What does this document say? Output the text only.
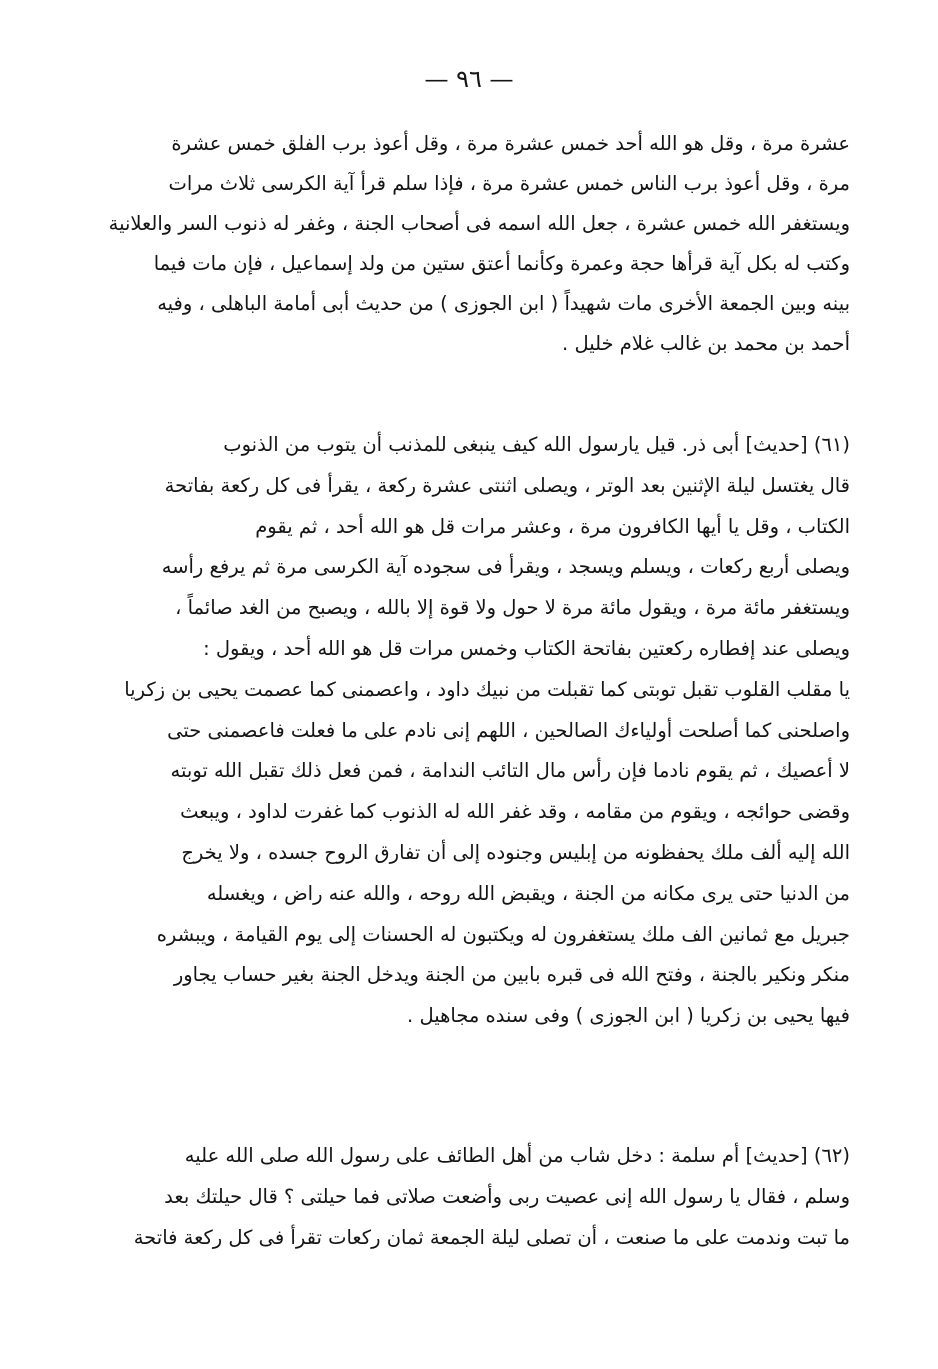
— ٩٦ —
عشرة مرة ، وقل هو الله أحد خمس عشرة مرة ، وقل أعوذ برب الفلق خمس عشرة
مرة ، وقل أعوذ برب الناس خمس عشرة مرة ، فإذا سلم قرأ آية الكرسى ثلاث مرات
ويستغفر الله خمس عشرة ، جعل الله اسمه فى أصحاب الجنة ، وغفر له ذنوب السر والعلانية
وكتب له بكل آية قرأها حجة وعمرة وكأنما أعتق ستين من ولد إسماعيل ، فإن مات فيما
بينه وبين الجمعة الأخرى مات شهيداً ( ابن الجوزى ) من حديث أبى أمامة الباهلى ، وفيه
أحمد بن محمد بن غالب غلام خليل .
(٦١) [حديث] أبى ذر. قيل يارسول الله كيف ينبغى للمذنب أن يتوب من الذنوب
قال يغتسل ليلة الإثنين بعد الوتر ، ويصلى اثنتى عشرة ركعة ، يقرأ فى كل ركعة بفاتحة
الكتاب ، وقل يا أيها الكافرون مرة ، وعشر مرات قل هو الله أحد ، ثم يقوم
ويصلى أربع ركعات ، ويسلم ويسجد ، ويقرأ فى سجوده آية الكرسى مرة ثم يرفع رأسه
ويستغفر مائة مرة ، ويقول مائة مرة لا حول ولا قوة إلا بالله ، ويصبح من الغد صائماً ،
ويصلى عند إفطاره ركعتين بفاتحة الكتاب وخمس مرات قل هو الله أحد ، ويقول :
يا مقلب القلوب تقبل توبتى كما تقبلت من نبيك داود ، واعصمنى كما عصمت يحيى بن زكريا
واصلحنى كما أصلحت أولياءك الصالحين ، اللهم إنى نادم على ما فعلت فاعصمنى حتى
لا أعصيك ، ثم يقوم نادما فإن رأس مال التائب الندامة ، فمن فعل ذلك تقبل الله توبته
وقضى حوائجه ، ويقوم من مقامه ، وقد غفر الله له الذنوب كما غفرت لداود ، ويبعث
الله إليه ألف ملك يحفظونه من إبليس وجنوده إلى أن تفارق الروح جسده ، ولا يخرج
من الدنيا حتى يرى مكانه من الجنة ، ويقبض الله روحه ، والله عنه راض ، ويغسله
جبريل مع ثمانين الف ملك يستغفرون له ويكتبون له الحسنات إلى يوم القيامة ، ويبشره
منكر ونكير بالجنة ، وفتح الله فى قبره بابين من الجنة ويدخل الجنة بغير حساب يجاور
فيها يحيى بن زكريا ( ابن الجوزى ) وفى سنده مجاهيل .
(٦٢) [حديث] أم سلمة : دخل شاب من أهل الطائف على رسول الله صلى الله عليه
وسلم ، فقال يا رسول الله إنى عصيت ربى وأضعت صلاتى فما حيلتى ؟ قال حيلتك بعد
ما تبت وندمت على ما صنعت ، أن تصلى ليلة الجمعة ثمان ركعات تقرأ فى كل ركعة فاتحة
